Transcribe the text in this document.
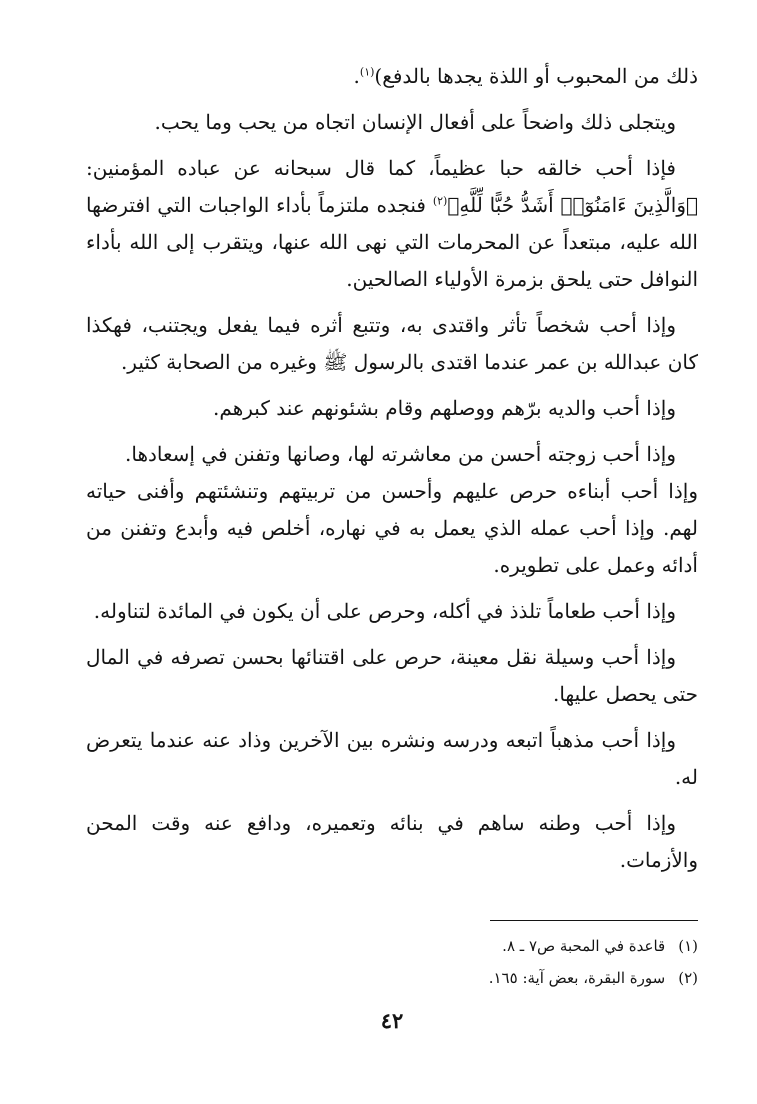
ذلك من المحبوب أو اللذة يجدها بالدفع)$^{(١)}$.

ويتجلى ذلك واضحاً على أفعال الإنسان اتجاه من يحب وما يحب.

فإذا أحب خالقه حبا عظيماً، كما قال سبحانه عن عباده المؤمنين: ﴿وَالَّذِينَ ءَامَنُوٓا۟ أَشَدُّ حُبًّا لِّلَّهِ﴾$^{(٢)}$ فنجده ملتزماً بأداء الواجبات التي افترضها الله عليه، مبتعداً عن المحرمات التي نهى الله عنها، ويتقرب إلى الله بأداء النوافل حتى يلحق بزمرة الأولياء الصالحين.

وإذا أحب شخصاً تأثر واقتدى به، وتتبع أثره فيما يفعل ويجتنب، فهكذا كان عبدالله بن عمر عندما اقتدى بالرسول ﷺ وغيره من الصحابة كثير.

وإذا أحب والديه برّهم ووصلهم وقام بشئونهم عند كبرهم.

وإذا أحب زوجته أحسن من معاشرته لها، وصانها وتفنن في إسعادها.

وإذا أحب أبناءه حرص عليهم وأحسن من تربيتهم وتنشئتهم وأفنى حياته لهم. وإذا أحب عمله الذي يعمل به في نهاره، أخلص فيه وأبدع وتفنن من أدائه وعمل على تطويره.

وإذا أحب طعاماً تلذذ في أكله، وحرص على أن يكون في المائدة لتناوله.

وإذا أحب وسيلة نقل معينة، حرص على اقتنائها بحسن تصرفه في المال حتى يحصل عليها.

وإذا أحب مذهباً اتبعه ودرسه ونشره بين الآخرين وذاد عنه عندما يتعرض له.

وإذا أحب وطنه ساهم في بنائه وتعميره، ودافع عنه وقت المحن والأزمات.

(١) قاعدة في المحبة ص٧ ـ ٨.

(٢) سورة البقرة، بعض آية: ١٦٥.

٤٢
